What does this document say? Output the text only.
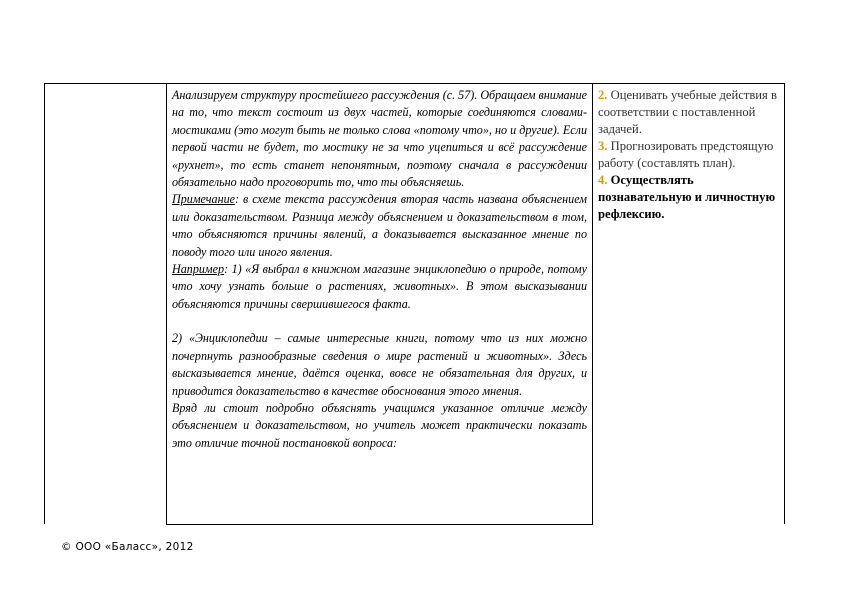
Анализируем структуру простейшего рассуждения (с. 57). Обращаем внимание на то, что текст состоит из двух частей, которые соединяются словами-мостиками (это могут быть не только слова «потому что», но и другие). Если первой части не будет, то мостику не за что уцепиться и всё рассуждение «рухнет», то есть станет непонятным, поэтому сначала в рассуждении обязательно надо проговорить то, что ты объясняешь.

Примечание: в схеме текста рассуждения вторая часть названа объяснением или доказательством. Разница между объяснением и доказательством в том, что объясняются причины явлений, а доказывается высказанное мнение по поводу того или иного явления.

Например: 1) «Я выбрал в книжном магазине энциклопедию о природе, потому что хочу узнать больше о растениях, животных». В этом высказывании объясняются причины свершившегося факта.

2) «Энциклопедии – самые интересные книги, потому что из них можно почерпнуть разнообразные сведения о мире растений и животных». Здесь высказывается мнение, даётся оценка, вовсе не обязательная для других, и приводится доказательство в качестве обоснования этого мнения.

Вряд ли стоит подробно объяснять учащимся указанное отличие между объяснением и доказательством, но учитель может практически показать это отличие точной постановкой вопроса:

2. Оценивать учебные действия в соответствии с поставленной задачей.

3. Прогнозировать предстоящую работу (составлять план).

4. Осуществлять познавательную и личностную рефлексию.

© ООО «Баласс», 2012
